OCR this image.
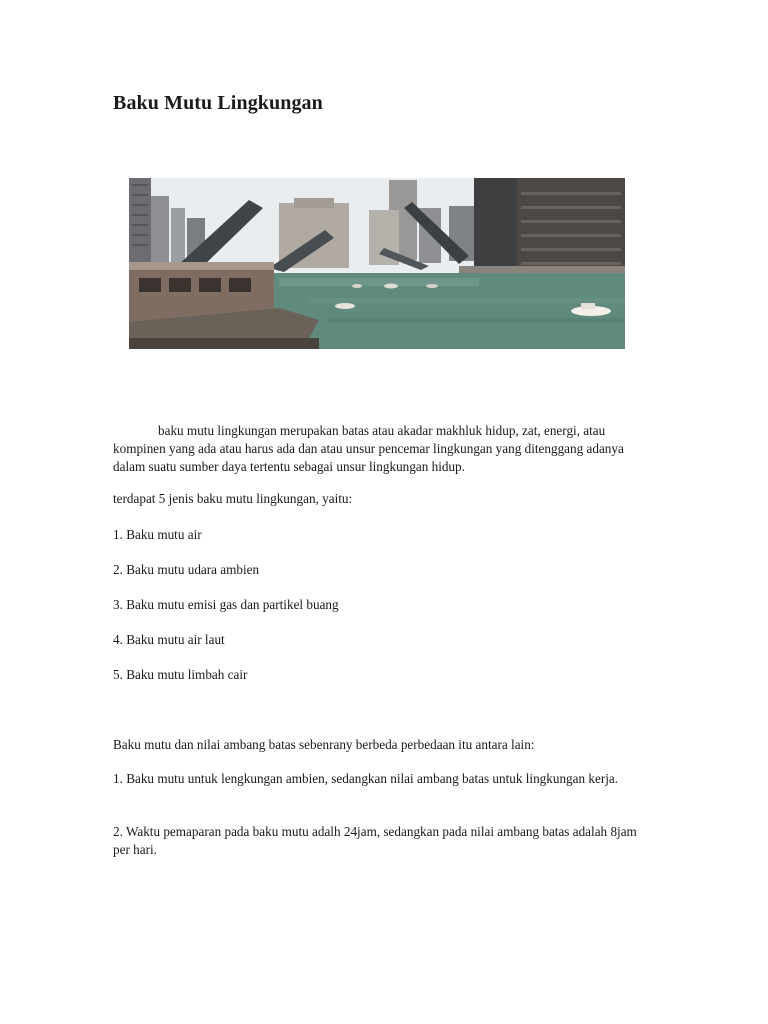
Baku Mutu Lingkungan

baku mutu lingkungan merupakan batas atau akadar makhluk hidup, zat, energi, atau kompinen yang ada atau harus ada dan atau unsur pencemar lingkungan yang ditenggang adanya dalam suatu sumber daya tertentu sebagai unsur lingkungan hidup.

terdapat 5 jenis baku mutu lingkungan, yaitu:

1. Baku mutu air

2. Baku mutu udara ambien

3. Baku mutu emisi gas dan partikel buang

4. Baku mutu air laut

5. Baku mutu limbah cair

Baku mutu dan nilai ambang batas sebenrany berbeda perbedaan itu antara lain:

1. Baku mutu untuk lengkungan ambien, sedangkan nilai ambang batas untuk lingkungan kerja.

2. Waktu pemaparan pada baku mutu adalh 24jam, sedangkan pada nilai ambang batas adalah 8jam per hari.
